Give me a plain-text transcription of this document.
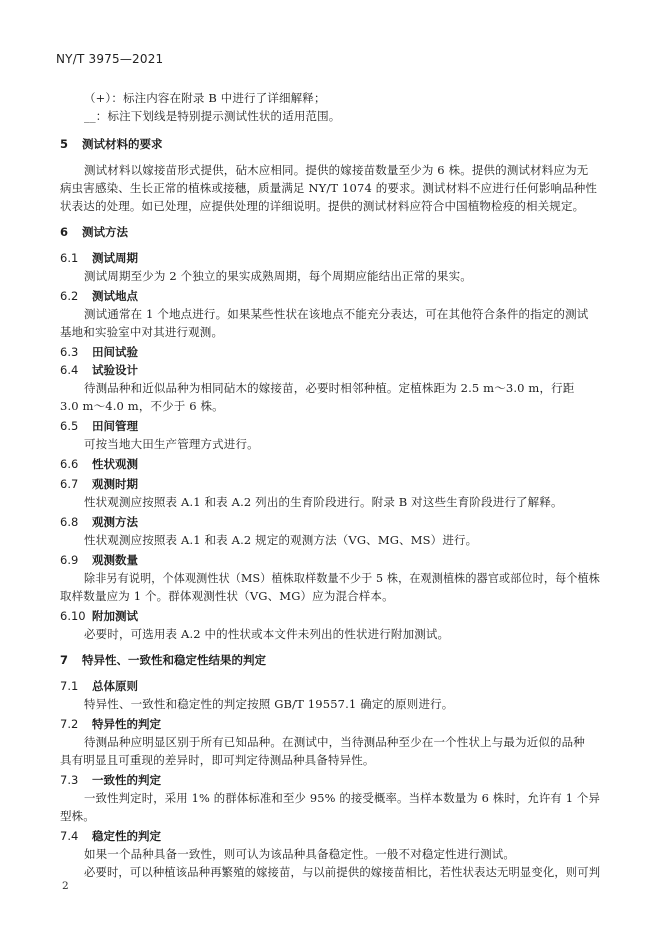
NY/T 3975—2021
（+）：标注内容在附录 B 中进行了详细解释；
__：标注下划线是特别提示测试性状的适用范围。
5 测试材料的要求
测试材料以嫁接苗形式提供，砧木应相同。提供的嫁接苗数量至少为 6 株。提供的测试材料应为无
病虫害感染、生长正常的植株或接穗，质量满足 NY/T 1074 的要求。测试材料不应进行任何影响品种性
状表达的处理。如已处理，应提供处理的详细说明。提供的测试材料应符合中国植物检疫的相关规定。
6 测试方法
6.1 测试周期
测试周期至少为 2 个独立的果实成熟周期，每个周期应能结出正常的果实。
6.2 测试地点
测试通常在 1 个地点进行。如果某些性状在该地点不能充分表达，可在其他符合条件的指定的测试
基地和实验室中对其进行观测。
6.3 田间试验
6.4 试验设计
待测品种和近似品种为相同砧木的嫁接苗，必要时相邻种植。定植株距为 2.5 m～3.0 m，行距
3.0 m～4.0 m，不少于 6 株。
6.5 田间管理
可按当地大田生产管理方式进行。
6.6 性状观测
6.7 观测时期
性状观测应按照表 A.1 和表 A.2 列出的生育阶段进行。附录 B 对这些生育阶段进行了解释。
6.8 观测方法
性状观测应按照表 A.1 和表 A.2 规定的观测方法（VG、MG、MS）进行。
6.9 观测数量
除非另有说明，个体观测性状（MS）植株取样数量不少于 5 株，在观测植株的器官或部位时，每个植株
取样数量应为 1 个。群体观测性状（VG、MG）应为混合样本。
6.10 附加测试
必要时，可选用表 A.2 中的性状或本文件未列出的性状进行附加测试。
7 特异性、一致性和稳定性结果的判定
7.1 总体原则
特异性、一致性和稳定性的判定按照 GB/T 19557.1 确定的原则进行。
7.2 特异性的判定
待测品种应明显区别于所有已知品种。在测试中，当待测品种至少在一个性状上与最为近似的品种
具有明显且可重现的差异时，即可判定待测品种具备特异性。
7.3 一致性的判定
一致性判定时，采用 1% 的群体标准和至少 95% 的接受概率。当样本数量为 6 株时，允许有 1 个异
型株。
7.4 稳定性的判定
如果一个品种具备一致性，则可认为该品种具备稳定性。一般不对稳定性进行测试。
必要时，可以种植该品种再繁殖的嫁接苗，与以前提供的嫁接苗相比，若性状表达无明显变化，则可判
2
